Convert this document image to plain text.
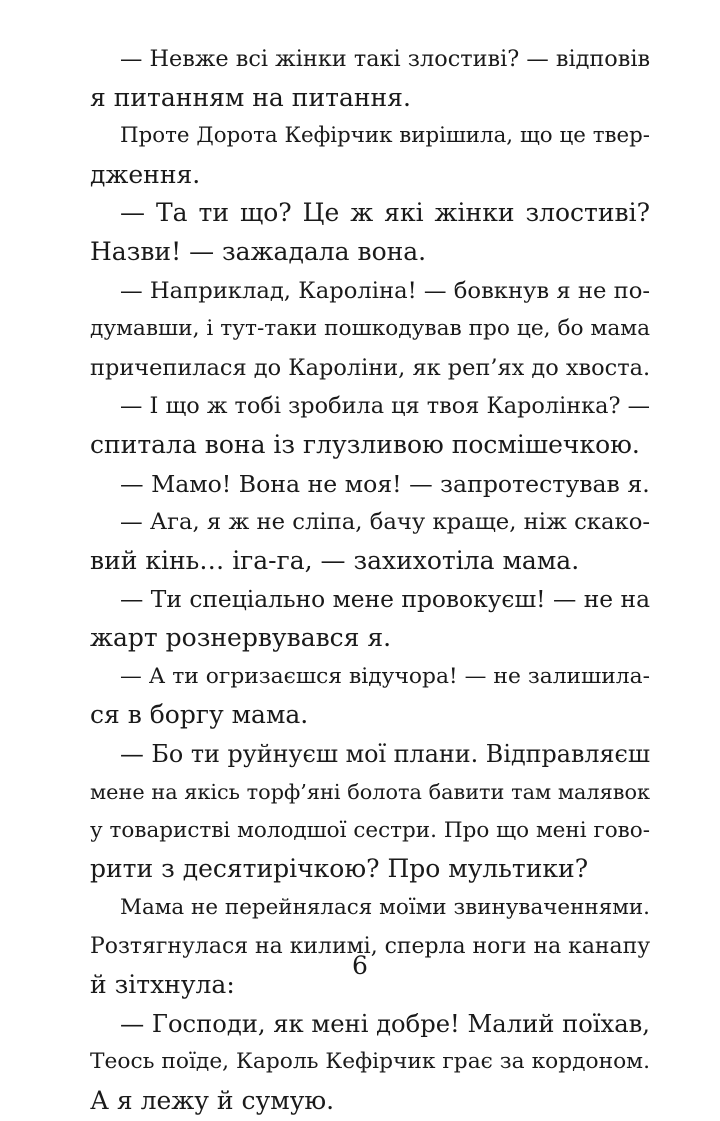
— Невже всі жінки такі злостиві? — відповів
я питанням на питання.
Проте Дорота Кефірчик вирішила, що це твер-
дження.
— Та ти що? Це ж які жінки злостиві?
Назви! — зажадала вона.
— Наприклад, Кароліна! — бовкнув я не по-
думавши, і тут-таки пошкодував про це, бо мама
причепилася до Кароліни, як реп’ях до хвоста.
— І що ж тобі зробила ця твоя Каролінка? —
спитала вона із глузливою посмішечкою.
— Мамо! Вона не моя! — запротестував я.
— Ага, я ж не сліпа, бачу краще, ніж скако-
вий кінь… іга-га, — захихотіла мама.
— Ти спеціально мене провокуєш! — не на
жарт рознервувався я.
— А ти огризаєшся відучора! — не залишила-
ся в боргу мама.
— Бо ти руйнуєш мої плани. Відправляєш
мене на якісь торф’яні болота бавити там малявок
у товаристві молодшої сестри. Про що мені гово-
рити з десятирічкою? Про мультики?
Мама не перейнялася моїми звинуваченнями.
Розтягнулася на килимі, сперла ноги на канапу
й зітхнула:
— Господи, як мені добре! Малий поїхав,
Теось поїде, Кароль Кефірчик грає за кордоном.
А я лежу й сумую.
6
